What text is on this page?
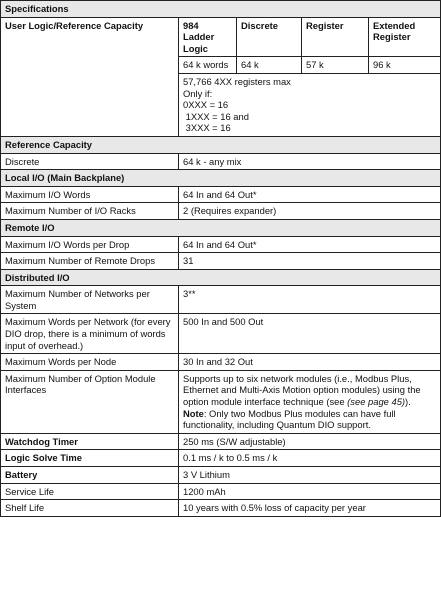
Specifications				
User Logic/Reference Capacity	984 Ladder Logic	Discrete	Register	Extended Register
	64 k words	64 k	57 k	96 k

	57,766 4XX registers max
Only if:
0XXX = 16
1XXX = 16 and
3XXX = 16			

Reference Capacity				
Discrete	64 k - any mix			
Local I/O (Main Backplane)				
Maximum I/O Words	64 In and 64 Out*			
Maximum Number of I/O Racks	2 (Requires expander)			
Remote I/O				
Maximum I/O Words per Drop	64 In and 64 Out*			
Maximum Number of Remote Drops	31			
Distributed I/O				
Maximum Number of Networks per System	3**			
Maximum Words per Network (for every DIO drop, there is a minimum of words input of overhead.)	500 In and 500 Out			
Maximum Words per Node	30 In and 32 Out			
Maximum Number of Option Module Interfaces	Supports up to six network modules (i.e., Modbus Plus, Ethernet and Multi-Axis Motion option modules) using the option module interface technique (see (see page 45)).
Note: Only two Modbus Plus modules can have full functionality, including Quantum DIO support.			

Watchdog Timer	250 ms (S/W adjustable)			
Logic Solve Time	0.1 ms / k to 0.5 ms / k			
Battery	3 V Lithium			
Service Life	1200 mAh			
Shelf Life	10 years with 0.5% loss of capacity per year			
